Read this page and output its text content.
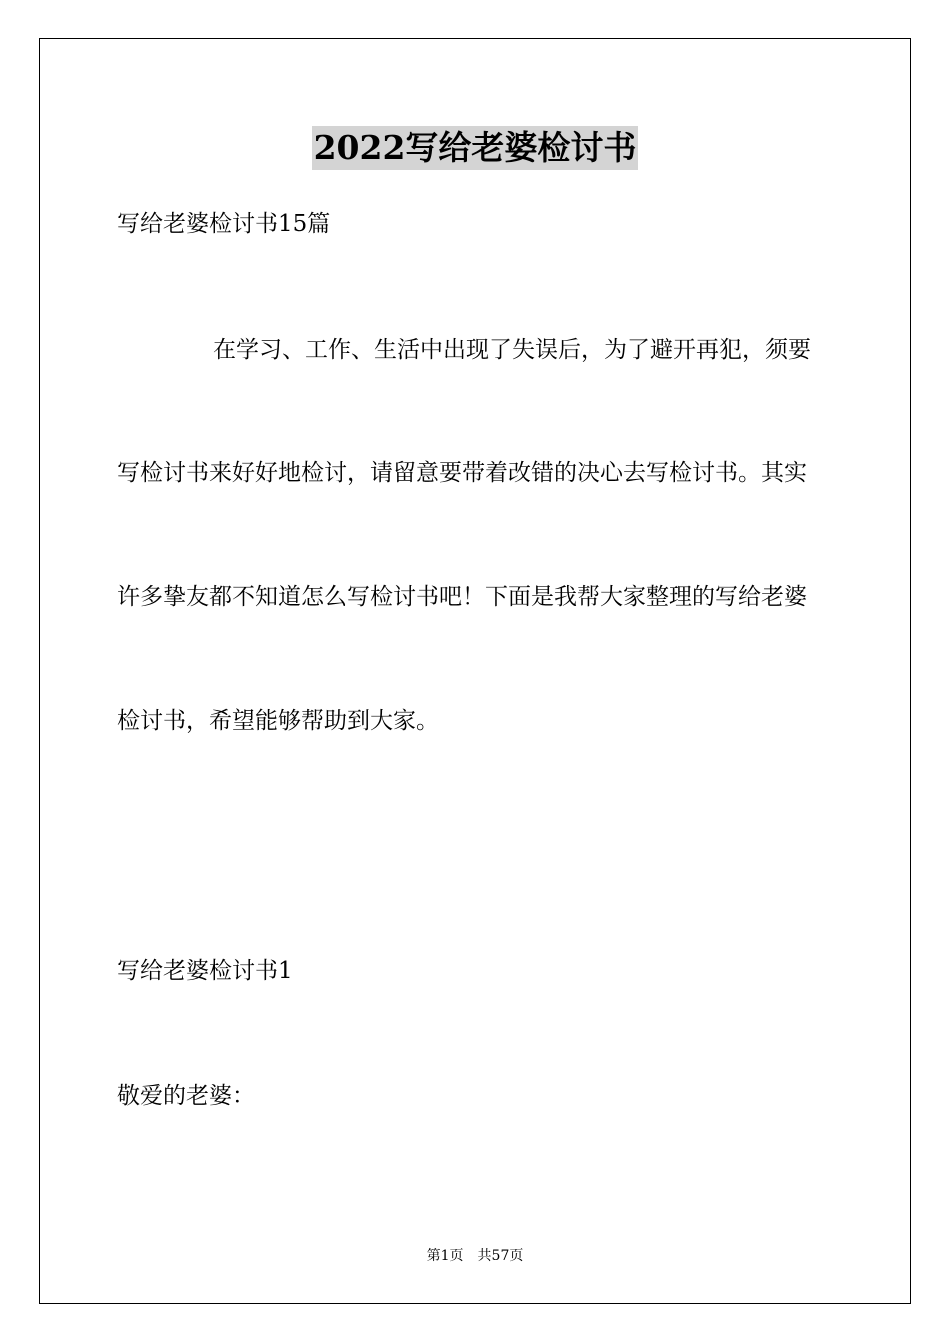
2022写给老婆检讨书
写给老婆检讨书15篇
在学习、工作、生活中出现了失误后，为了避开再犯，须要
写检讨书来好好地检讨，请留意要带着改错的决心去写检讨书。其实
许多挚友都不知道怎么写检讨书吧！下面是我帮大家整理的写给老婆
检讨书，希望能够帮助到大家。
写给老婆检讨书1
敬爱的老婆：
第1页 共57页
